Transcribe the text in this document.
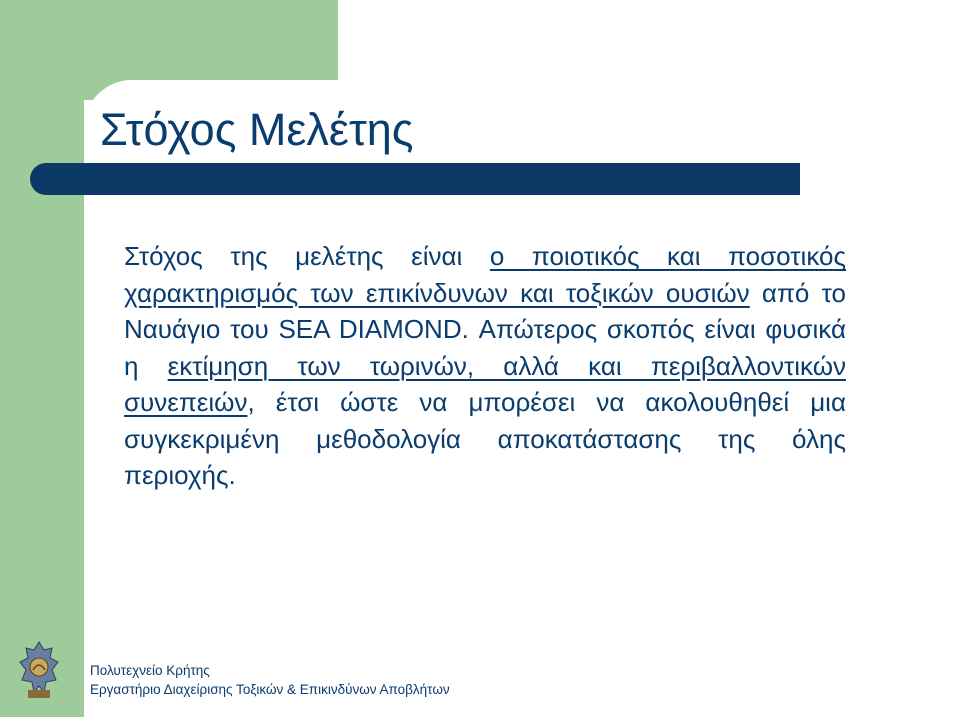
Στόχος Μελέτης

Στόχος της μελέτης είναι ο ποιοτικός και ποσοτικός χαρακτηρισμός των επικίνδυνων και τοξικών ουσιών από το Ναυάγιο του SEA DIAMOND. Απώτερος σκοπός είναι φυσικά η εκτίμηση των τωρινών, αλλά και περιβαλλοντικών συνεπειών, έτσι ώστε να μπορέσει να ακολουθηθεί μια συγκεκριμένη μεθοδολογία αποκατάστασης της όλης περιοχής.

Πολυτεχνείο Κρήτης
Εργαστήριο Διαχείρισης Τοξικών & Επικινδύνων Αποβλήτων
